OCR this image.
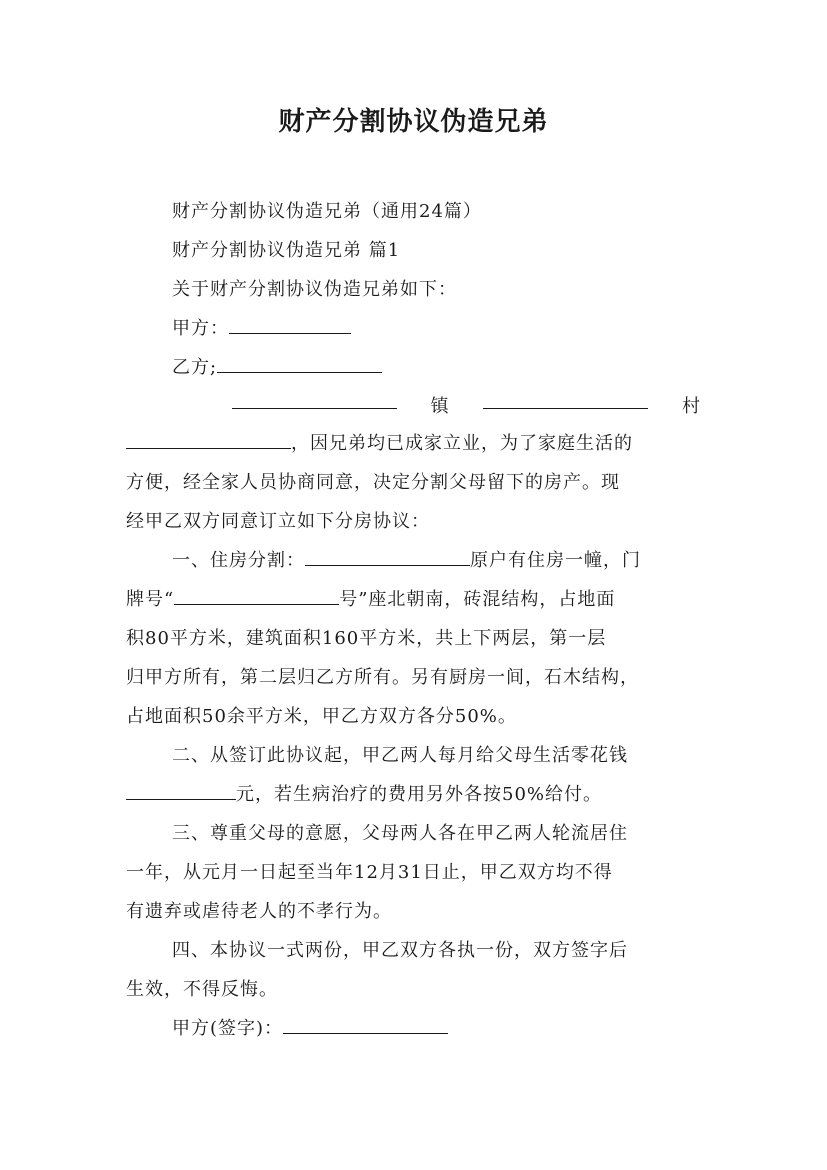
财产分割协议伪造兄弟
财产分割协议伪造兄弟（通用24篇）
财产分割协议伪造兄弟 篇1
关于财产分割协议伪造兄弟如下：
甲方：
乙方;
镇	村
，因兄弟均已成家立业，为了家庭生活的
方便，经全家人员协商同意，决定分割父母留下的房产。现
经甲乙双方同意订立如下分房协议：
一、住房分割：	原户有住房一幢，门
牌号“	号”座北朝南，砖混结构，占地面
积80平方米，建筑面积160平方米，共上下两层，第一层
归甲方所有，第二层归乙方所有。另有厨房一间，石木结构，
占地面积50余平方米，甲乙方双方各分50%。
二、从签订此协议起，甲乙两人每月给父母生活零花钱
元，若生病治疗的费用另外各按50%给付。
三、尊重父母的意愿，父母两人各在甲乙两人轮流居住
一年，从元月一日起至当年12月31日止，甲乙双方均不得
有遗弃或虐待老人的不孝行为。
四、本协议一式两份，甲乙双方各执一份，双方签字后
生效，不得反悔。
甲方(签字)：
